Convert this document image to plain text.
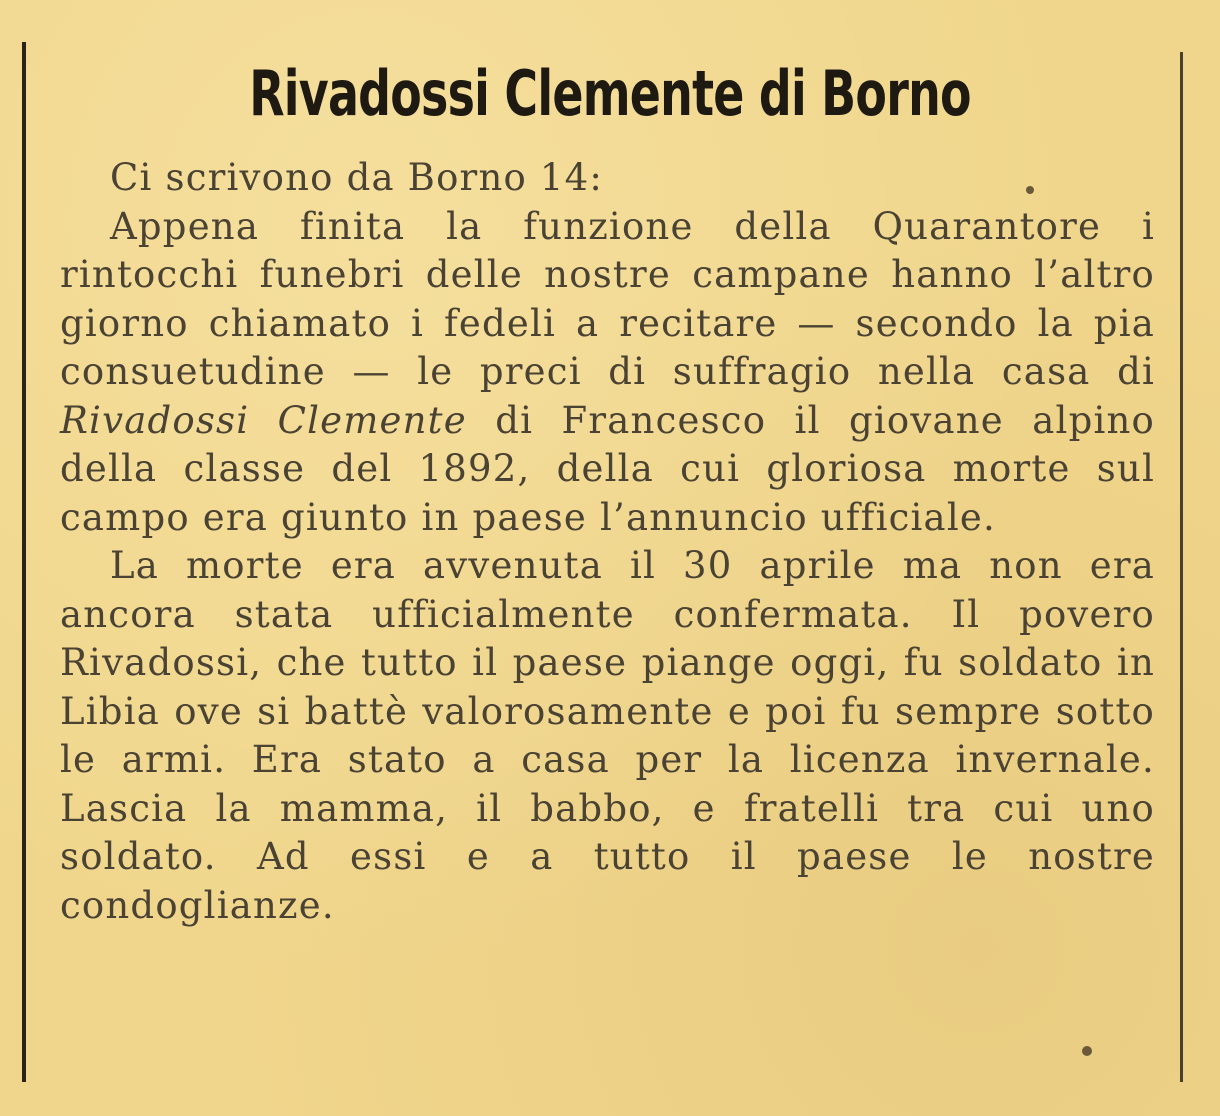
Rivadossi Clemente di Borno

Ci scrivono da Borno 14:

Appena finita la funzione della Quarantore i rintocchi funebri delle nostre campane hanno l’altro giorno chiamato i fedeli a recitare — secondo la pia consuetudine — le preci di suffragio nella casa di Rivadossi Clemente di Francesco il giovane alpino della classe del 1892, della cui gloriosa morte sul campo era giunto in paese l’annuncio ufficiale.

La morte era avvenuta il 30 aprile ma non era ancora stata ufficialmente confermata. Il povero Rivadossi, che tutto il paese piange oggi, fu soldato in Libia ove si battè valorosamente e poi fu sempre sotto le armi. Era stato a casa per la licenza invernale. Lascia la mamma, il babbo, e fratelli tra cui uno soldato. Ad essi e a tutto il paese le nostre condoglianze.
